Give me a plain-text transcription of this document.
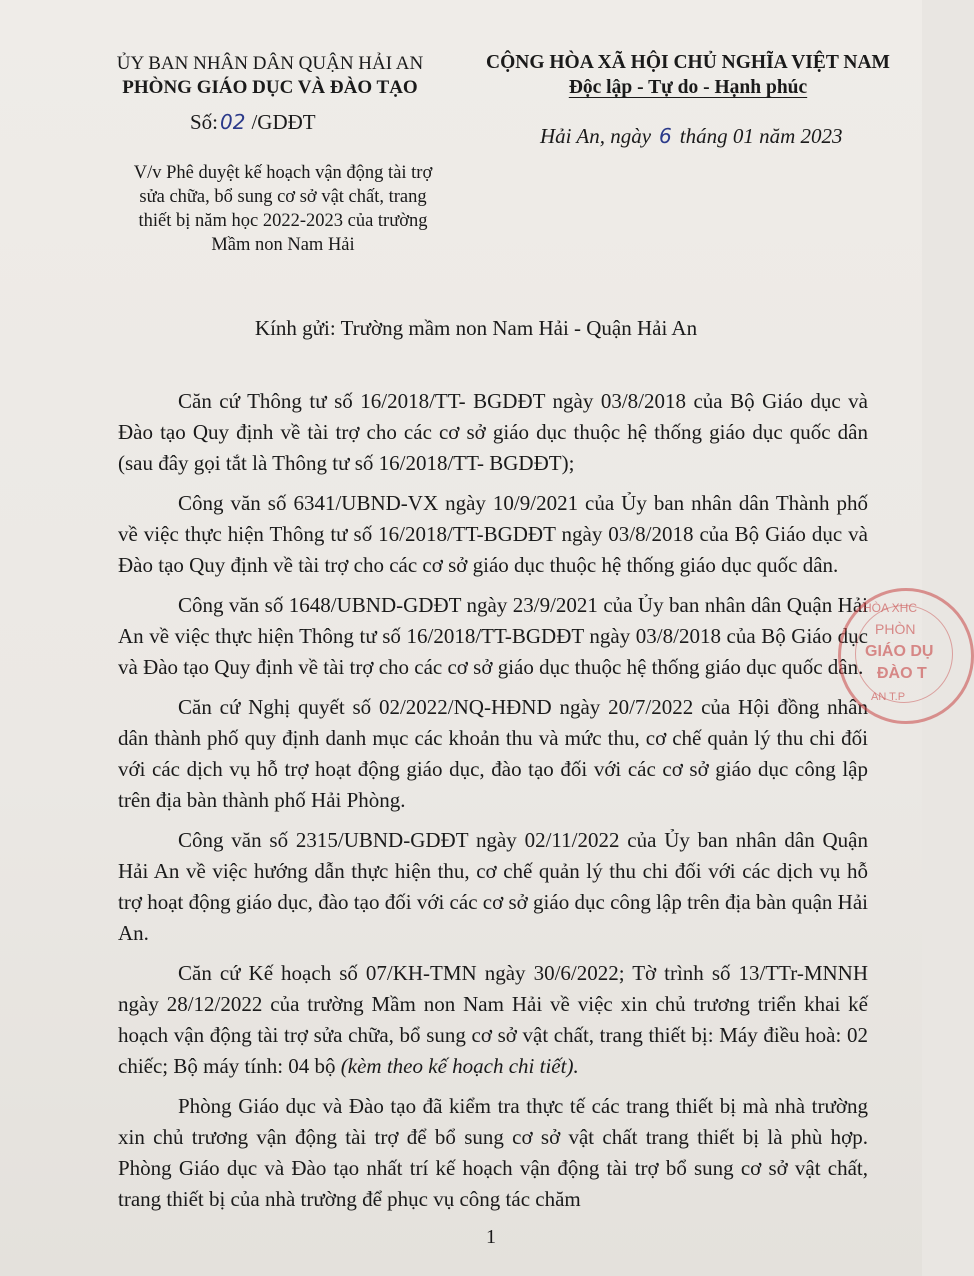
ỦY BAN NHÂN DÂN QUẬN HẢI AN
PHÒNG GIÁO DỤC VÀ ĐÀO TẠO
CỘNG HÒA XÃ HỘI CHỦ NGHĨA VIỆT NAM
Độc lập - Tự do - Hạnh phúc
Số: 02 /GDĐT
Hải An, ngày 6 tháng 01 năm 2023
V/v Phê duyệt kế hoạch vận động tài trợ
sửa chữa, bổ sung cơ sở vật chất, trang
thiết bị năm học 2022-2023 của trường
Mầm non Nam Hải
Kính gửi: Trường mầm non Nam Hải - Quận Hải An

Căn cứ Thông tư số 16/2018/TT- BGDĐT ngày 03/8/2018 của Bộ Giáo dục và Đào tạo Quy định về tài trợ cho các cơ sở giáo dục thuộc hệ thống giáo dục quốc dân (sau đây gọi tắt là Thông tư số 16/2018/TT- BGDĐT);

Công văn số 6341/UBND-VX ngày 10/9/2021 của Ủy ban nhân dân Thành phố về việc thực hiện Thông tư số 16/2018/TT-BGDĐT ngày 03/8/2018 của Bộ Giáo dục và Đào tạo Quy định về tài trợ cho các cơ sở giáo dục thuộc hệ thống giáo dục quốc dân.

Công văn số 1648/UBND-GDĐT ngày 23/9/2021 của Ủy ban nhân dân Quận Hải An về việc thực hiện Thông tư số 16/2018/TT-BGDĐT ngày 03/8/2018 của Bộ Giáo dục và Đào tạo Quy định về tài trợ cho các cơ sở giáo dục thuộc hệ thống giáo dục quốc dân.

Căn cứ Nghị quyết số 02/2022/NQ-HĐND ngày 20/7/2022 của Hội đồng nhân dân thành phố quy định danh mục các khoản thu và mức thu, cơ chế quản lý thu chi đối với các dịch vụ hỗ trợ hoạt động giáo dục, đào tạo đối với các cơ sở giáo dục công lập trên địa bàn thành phố Hải Phòng.

Công văn số 2315/UBND-GDĐT ngày 02/11/2022 của Ủy ban nhân dân Quận Hải An về việc hướng dẫn thực hiện thu, cơ chế quản lý thu chi đối với các dịch vụ hỗ trợ hoạt động giáo dục, đào tạo đối với các cơ sở giáo dục công lập trên địa bàn quận Hải An.

Căn cứ Kế hoạch số 07/KH-TMN ngày 30/6/2022; Tờ trình số 13/TTr-MNNH ngày 28/12/2022 của trường Mầm non Nam Hải về việc xin chủ trương triển khai kế hoạch vận động tài trợ sửa chữa, bổ sung cơ sở vật chất, trang thiết bị: Máy điều hoà: 02 chiếc; Bộ máy tính: 04 bộ (kèm theo kế hoạch chi tiết).

Phòng Giáo dục và Đào tạo đã kiểm tra thực tế các trang thiết bị mà nhà trường xin chủ trương vận động tài trợ để bổ sung cơ sở vật chất trang thiết bị là phù hợp. Phòng Giáo dục và Đào tạo nhất trí kế hoạch vận động tài trợ bổ sung cơ sở vật chất, trang thiết bị của nhà trường để phục vụ công tác chăm

HÒA XHC
PHÒN
GIÁO DỤ
ĐÀO T
AN T.P
1
